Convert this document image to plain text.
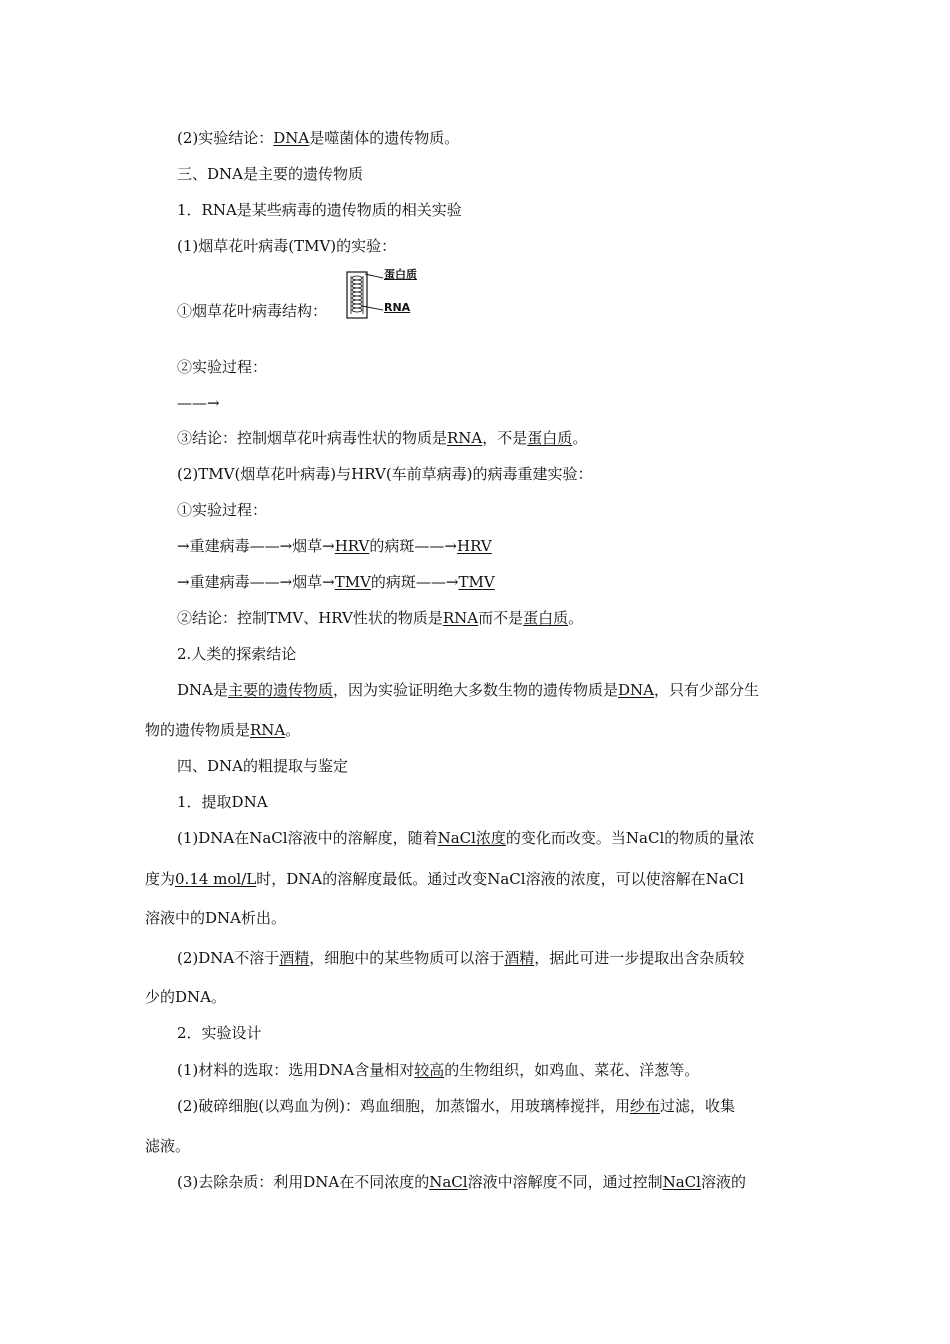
(2)实验结论：DNA是噬菌体的遗传物质。
三、DNA是主要的遗传物质
1．RNA是某些病毒的遗传物质的相关实验
(1)烟草花叶病毒(TMV)的实验：
①烟草花叶病毒结构：
蛋白质
RNA
②实验过程：
——→
③结论：控制烟草花叶病毒性状的物质是RNA，不是蛋白质。
(2)TMV(烟草花叶病毒)与HRV(车前草病毒)的病毒重建实验：
①实验过程：
→重建病毒——→烟草→HRV的病斑——→HRV
→重建病毒——→烟草→TMV的病斑——→TMV
②结论：控制TMV、HRV性状的物质是RNA而不是蛋白质。
2.人类的探索结论
DNA是主要的遗传物质，因为实验证明绝大多数生物的遗传物质是DNA，只有少部分生
物的遗传物质是RNA。
四、DNA的粗提取与鉴定
1．提取DNA
(1)DNA在NaCl溶液中的溶解度，随着NaCl浓度的变化而改变。当NaCl的物质的量浓
度为0.14 mol/L时，DNA的溶解度最低。通过改变NaCl溶液的浓度，可以使溶解在NaCl
溶液中的DNA析出。
(2)DNA不溶于酒精，细胞中的某些物质可以溶于酒精，据此可进一步提取出含杂质较
少的DNA。
2．实验设计
(1)材料的选取：选用DNA含量相对较高的生物组织，如鸡血、菜花、洋葱等。
(2)破碎细胞(以鸡血为例)：鸡血细胞，加蒸馏水，用玻璃棒搅拌，用纱布过滤，收集
滤液。
(3)去除杂质：利用DNA在不同浓度的NaCl溶液中溶解度不同，通过控制NaCl溶液的
